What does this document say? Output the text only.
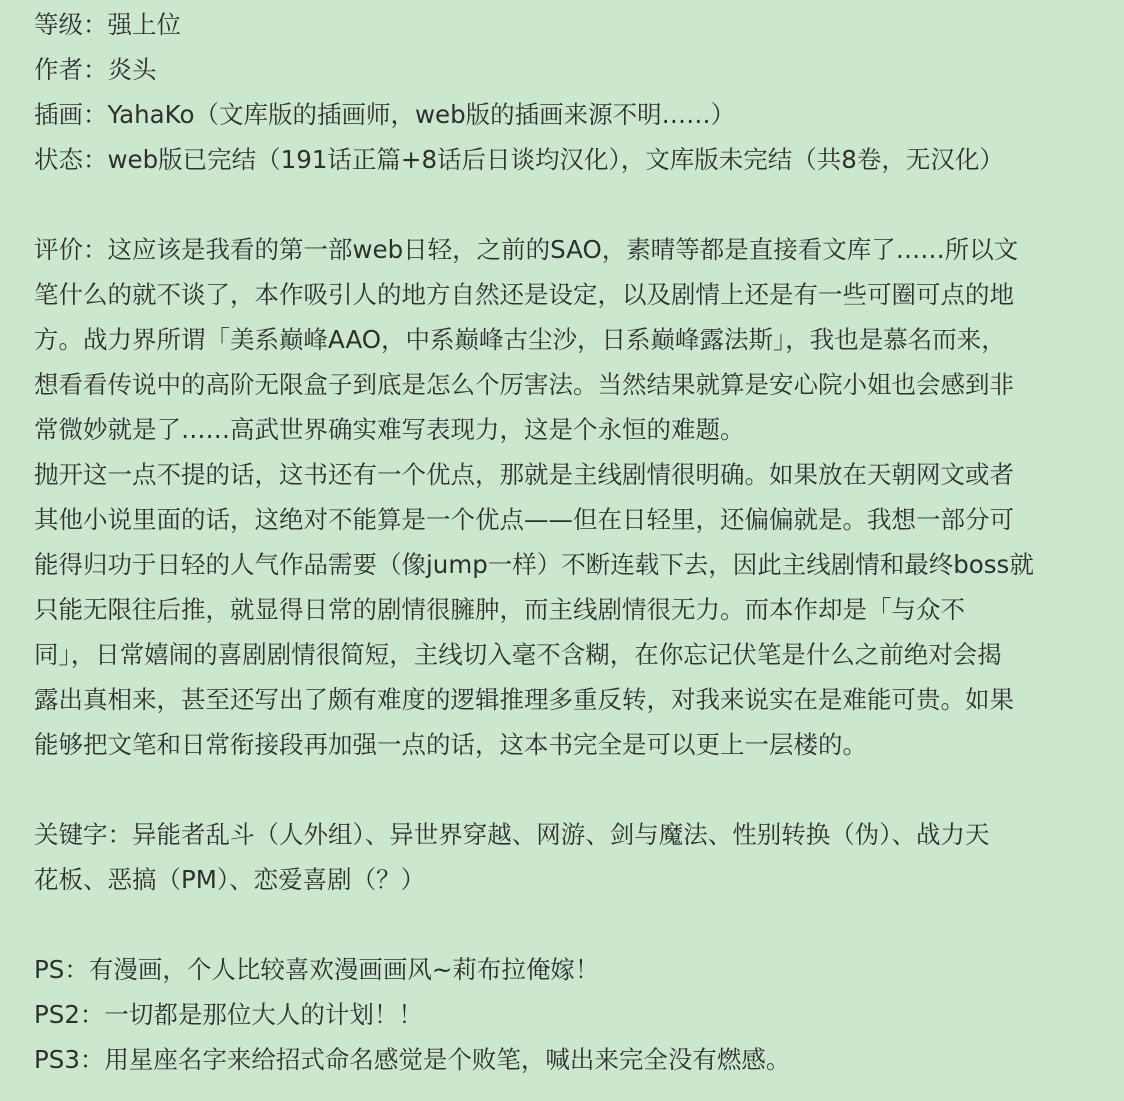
等级：强上位
作者：炎头
插画：YahaKo（文库版的插画师，web版的插画来源不明……）
状态：web版已完结（191话正篇+8话后日谈均汉化），文库版未完结（共8卷，无汉化）
评价：这应该是我看的第一部web日轻，之前的SAO，素晴等都是直接看文库了……所以文
笔什么的就不谈了，本作吸引人的地方自然还是设定，以及剧情上还是有一些可圈可点的地
方。战力界所谓「美系巅峰AAO，中系巅峰古尘沙，日系巅峰露法斯」，我也是慕名而来，
想看看传说中的高阶无限盒子到底是怎么个厉害法。当然结果就算是安心院小姐也会感到非
常微妙就是了……高武世界确实难写表现力，这是个永恒的难题。
抛开这一点不提的话，这书还有一个优点，那就是主线剧情很明确。如果放在天朝网文或者
其他小说里面的话，这绝对不能算是一个优点——但在日轻里，还偏偏就是。我想一部分可
能得归功于日轻的人气作品需要（像jump一样）不断连载下去，因此主线剧情和最终boss就
只能无限往后推，就显得日常的剧情很臃肿，而主线剧情很无力。而本作却是「与众不
同」，日常嬉闹的喜剧剧情很简短，主线切入毫不含糊，在你忘记伏笔是什么之前绝对会揭
露出真相来，甚至还写出了颇有难度的逻辑推理多重反转，对我来说实在是难能可贵。如果
能够把文笔和日常衔接段再加强一点的话，这本书完全是可以更上一层楼的。
关键字：异能者乱斗（人外组）、异世界穿越、网游、剑与魔法、性别转换（伪）、战力天
花板、恶搞（PM）、恋爱喜剧（？）
PS：有漫画，个人比较喜欢漫画画风~莉布拉俺嫁！
PS2：一切都是那位大人的计划！！
PS3：用星座名字来给招式命名感觉是个败笔，喊出来完全没有燃感。
